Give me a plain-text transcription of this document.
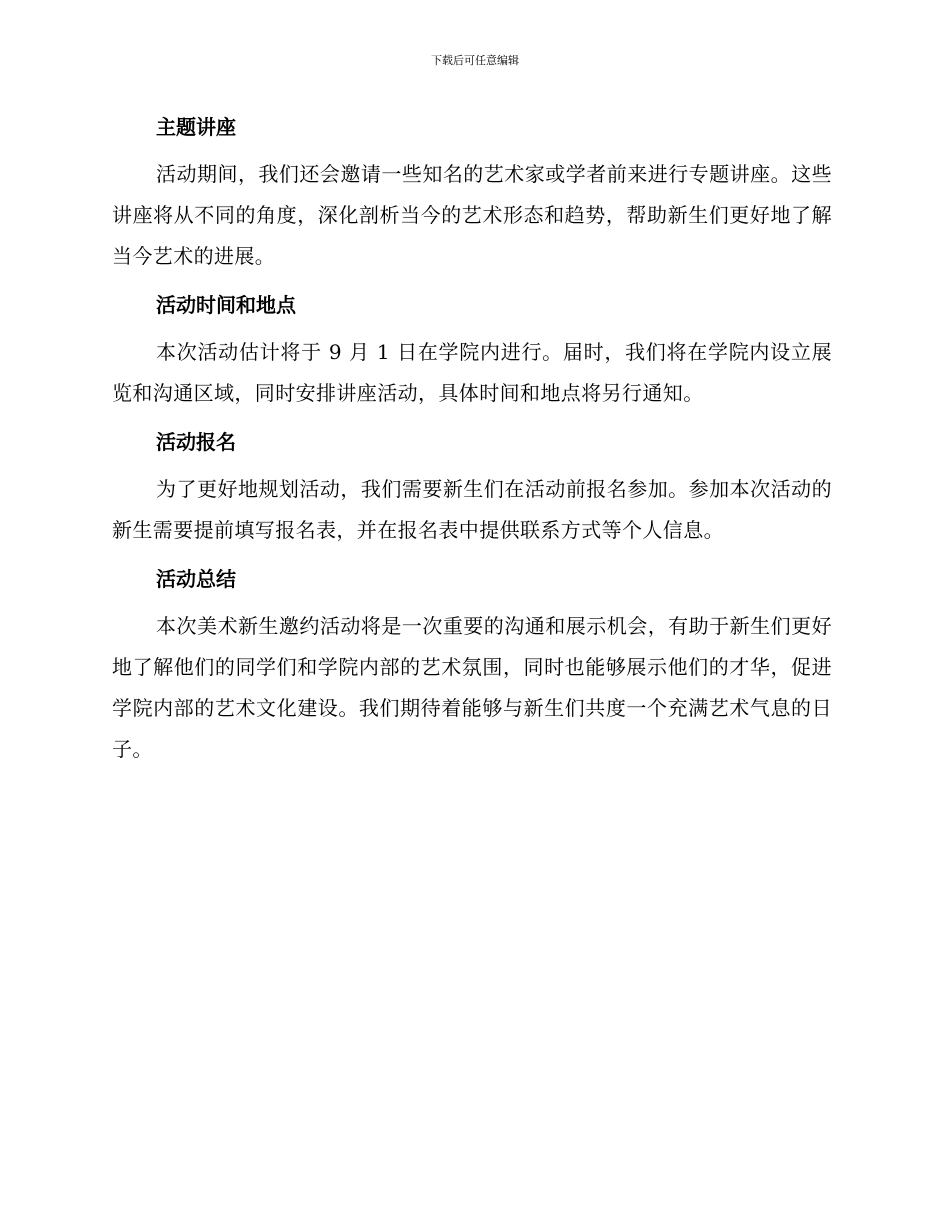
下载后可任意编辑
主题讲座

活动期间，我们还会邀请一些知名的艺术家或学者前来进行专题讲座。这些讲座将从不同的角度，深化剖析当今的艺术形态和趋势，帮助新生们更好地了解当今艺术的进展。

活动时间和地点

本次活动估计将于 9 月 1 日在学院内进行。届时，我们将在学院内设立展览和沟通区域，同时安排讲座活动，具体时间和地点将另行通知。

活动报名

为了更好地规划活动，我们需要新生们在活动前报名参加。参加本次活动的新生需要提前填写报名表，并在报名表中提供联系方式等个人信息。

活动总结

本次美术新生邀约活动将是一次重要的沟通和展示机会，有助于新生们更好地了解他们的同学们和学院内部的艺术氛围，同时也能够展示他们的才华，促进学院内部的艺术文化建设。我们期待着能够与新生们共度一个充满艺术气息的日子。
